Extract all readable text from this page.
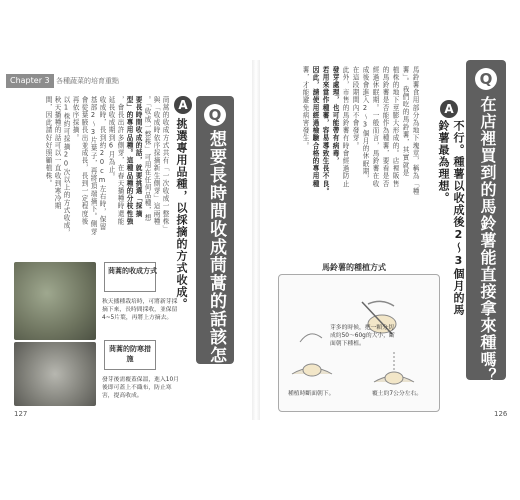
Chapter 3 各種蔬菜的培育重點
Q
想要長時間收成茼蒿的話該怎麼做？
A
挑選專用品種，以採摘的方式收成。
茼蒿的收成方式共有「一次收成一整株」
與「收成時依序採摘新生側芽」這兩種
。「收成一整株」可用在任何品種，想
要長時間收成的話，就要挑選「採摘
型」的專用品種。這種品種的分枝性強
，會長出許多側芽，在春天播種時還能
延長收成期到6月為止。
收成時，長到約20cm左右時，保留
基部2～3片葉子，再將頂端摘下。側芽
會從葉腋長出並成長，長到一定程度後
再依序採摘。
以1株約可採摘20次以上的方式收成，
秋天播種的話可以一直收到寒冷期
間，因此請好好照顧植株。
茼蒿的收成方式
秋天播種栽培時，可將新芽採摘下來，長時間採收，並保留4~5片葉，再將上方摘去。
茼蒿的防寒措施
發芽後需覆蓋保溫，進入10月後即可蓋上不織布，防止寒害，提高收成。
127
Q
在店裡買到的馬鈴薯能直接拿來種嗎？
A
不行。種薯以收成後2～3個月的馬鈴薯最為理想。
馬鈴薯食用部分為地下塊莖，稱為「種
薯」。我們吃的馬鈴薯，其實就是
植株的地下莖膨大形成的。店裡販售
的馬鈴薯是否能作為種薯，要看是否
經過休眠期。一般而言，馬鈴薯在收
成後會進入2～3個月的休眠期，
在這段期間內不會發芽。
此外，市售的馬鈴薯有時會經過防止
發芽處理，也可能帶有病毒，
若用來當作種薯，容易導致生長不良。
因此，請使用經過檢驗合格的專用種
薯，才能避免病害發生。
馬鈴薯的種植方式
芽多的時候，把一顆分切成約50～60g的大小，斷面朝下種植。
種植時斷面朝下。	覆土約7公分左右。
126
